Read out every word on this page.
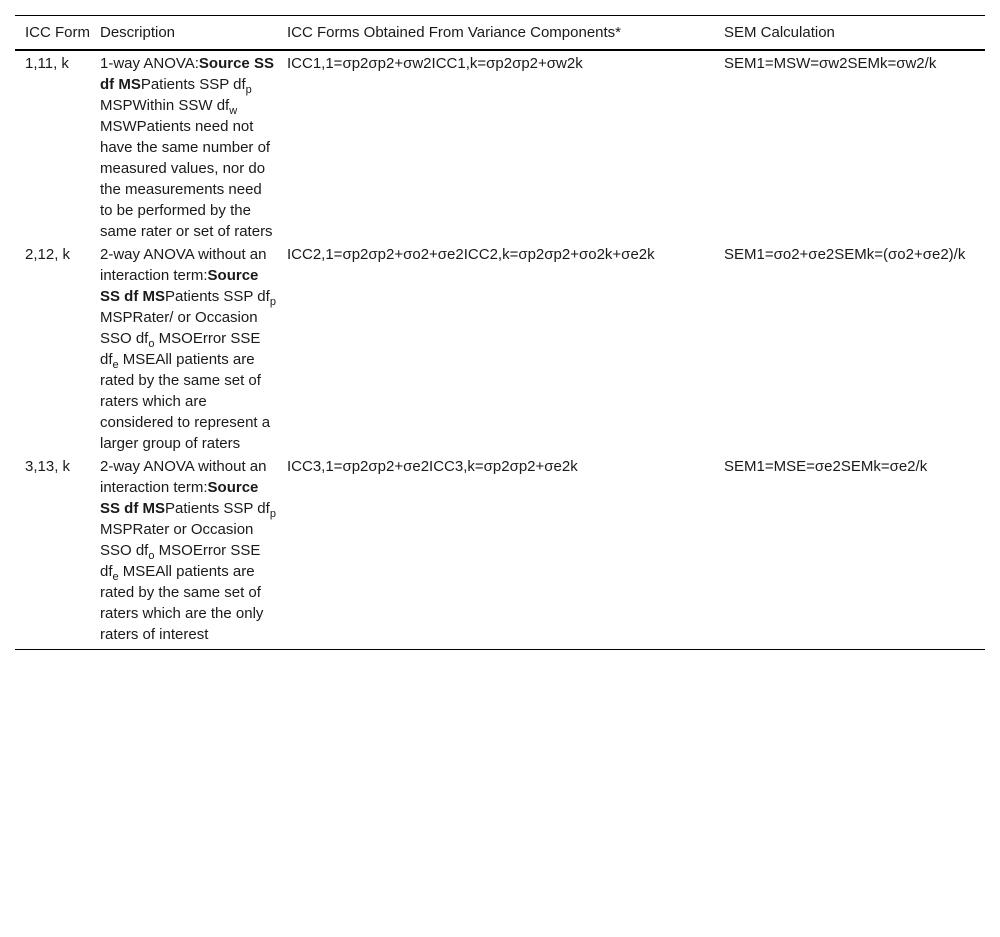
ICC Form	Description	ICC Forms Obtained From Variance Components*	SEM Calculation
1,11, k	1-way ANOVA:Source SS df MSPatients SSP $df_p$ MSPWithin SSW $df_w$ MSWPatients need not have the same number of measured values, nor do the measurements need to be performed by the same rater or set of raters	ICC1,1=σp2σp2+σw2ICC1,k=σp2σp2+σw2k	SEM1=MSW=σw2SEMk=σw2/k
2,12, k	2-way ANOVA without an interaction term:Source SS df MSPatients SSP $df_p$ MSPRater/ or Occasion SSO $df_o$ MSOError SSE $df_e$ MSEAll patients are rated by the same set of raters which are considered to represent a larger group of raters	ICC2,1=σp2σp2+σo2+σe2ICC2,k=σp2σp2+σo2k+σe2k	SEM1=σo2+σe2SEMk=(σo2+σe2)/k
3,13, k	2-way ANOVA without an interaction term:Source SS df MSPatients SSP $df_p$ MSPRater or Occasion SSO $df_o$ MSOError SSE $df_e$ MSEAll patients are rated by the same set of raters which are the only raters of interest	ICC3,1=σp2σp2+σe2ICC3,k=σp2σp2+σe2k	SEM1=MSE=σe2SEMk=σe2/k
